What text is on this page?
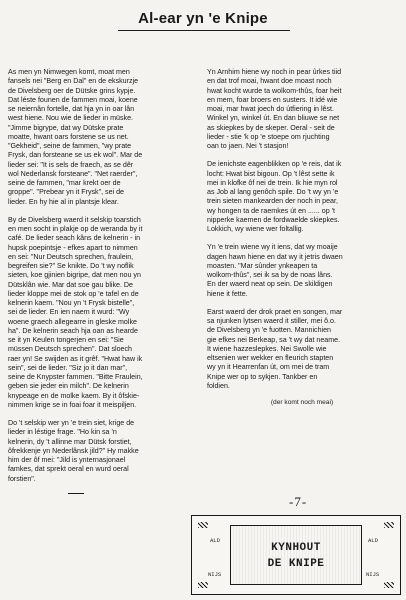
Al-ear yn 'e Knipe

As men yn Nimwegen komt, moat men
fansels nei "Berg en Dal" en de ekskurzje
de Divelsberg oer de Dütske grins kypje.
Dat léste founen de fammen moai, koene
se neiernân fortelle, dat hja yn in oar lân
west hiene. Nou wie de lieder in müske.
"Jimme bigrype, dat wy Dütske prate
moatte, hwant oars forstene se us net.
"Gekheid", seine de fammen, "wy prate
Frysk, dan forsteane se us ek wol". Mar de
lieder sei: "It is sels de fraech, as se dêr
wol Nederlansk forsteane". "Net raerder",
seine de fammen, "mar krekt oer de
groppe". "Prebear yn it Frysk", sei de
lieder. En hy hie al in plantsje klear.

By de Divelsberg waerd it selskip toarstich
en men socht in plakje op de weranda by it
café. De lieder seach kâns de kelnerin - in
hupsk poepintsje - efkes apart to nimmen
en sei: "Nur Deutsch sprechen, fraulein,
begreifen sie?" Se knikte. Do 't wy noflik
sieten, koe gjinien bigripe, dat men nou yn
Dütsklân wie. Mar dat soe gau blike. De
lieder kloppe mei de stok op 'e tafel en de
kelnerin kaem. "Nou yn 't Frysk bistelle",
sei de lieder. En ien naem it wurd: "Wy
woene graech allegearre in gleske molke
ha". De kelnerin seach hja oan as hearde
se it yn Keulen tongerjen en sei: "Sie
müssen Deutsch sprechen". Dat sloech
raer yn! Se swijden as it grêf. "Hwat haw ik
sein", sei de lieder. "Siz jo it dan mar",
seine de Knypster fammen. "Bitte Fraulein,
geben sie jeder ein milch". De kelnerin
knypeage en de molke kaem. By it ôfskie-
nimmen krige se in foai foar it meispiljen.

Do 't selskip wer yn 'e trein siet, krige de
lieder in léstige frage. "Ho kin sa 'n
kelnerin, dy 't allinne mar Dütsk forstiet,
ôfrekkenje yn Nederlânsk jild?" Hy makke
him der ôf mei: "Jild is ynternasjonael
famkes, dat sprekt oeral en wurd oeral
forstien".

Yn Arnhim hiene wy noch in pear ûrkes tiid
en dat trof moai, hwant doe moast noch
hwat kocht wurde ta wolkom-thûs, foar heit
en mem, foar broers en susters. It idé wie
moai, mar hwat joech do útfiering in lêst.
Winkel yn, winkel út. En dan bliuwe se net
as skiepkes by de skeper. Oeral - seit de
lieder - stie 'k op 'e stoepe om rjuchting
oan to jaen. Nei 't stasjon!

De ienichste eagenblikken op 'e reis, dat ik
locht: Hwat bist bigoun. Op 't lêst sette ik
mei in klofke ôf nei de trein. Ik hie myn rol
as Job al lang genôch spile. Do 't wy yn 'e
trein sieten mankearden der noch in pear,
wy hongen ta de raemkes út en ...... op 't
nipperke kaemen de fordwaelde skiepkes.
Lokkich, wy wiene wer foltallig.

Yn 'e trein wiene wy it iens, dat wy moaije
dagen hawn hiene en dat wy it jetris dwaen
moasten. "Mar sûnder ynkeapen ta
wolkom-thûs", sei ik sa by de noas lâns.
En der waerd neat op sein. De skildigen
hiene it fette.

Earst waerd der drok praet en songen, mar
sa njunken lytsen waerd it stiller, mei ô.o.
de Divelsberg yn 'e fuotten. Mannichien
gie efkes nei Berkeap, sa 't wy dat neame.
It wiene hazzeslepkes. Nei Swolle wie
eltsenien wer wekker en fleurich stapten
wy yn it Hearrenfan út, om mei de tram
Knipe wer op to sykjen. Tankber en
foldien.

(der komt noch meai)
-7-
ALD	ALD
NIJS	NIJS
KYNHOUT
DE KNIPE
